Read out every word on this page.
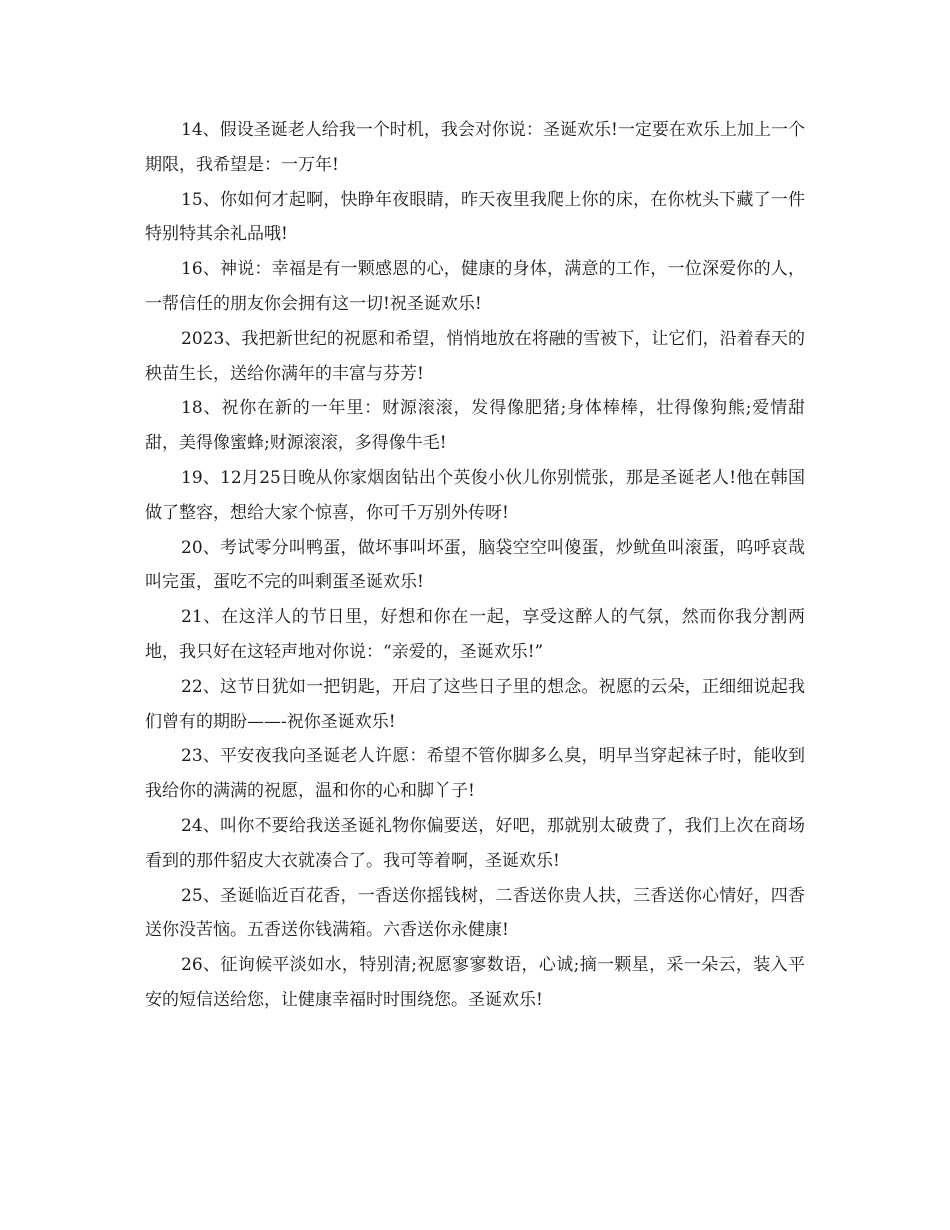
14、假设圣诞老人给我一个时机，我会对你说：圣诞欢乐!一定要在欢乐上加上一个期限，我希望是：一万年!

15、你如何才起啊，快睁年夜眼睛，昨天夜里我爬上你的床，在你枕头下藏了一件特别特其余礼品哦!

16、神说：幸福是有一颗感恩的心，健康的身体，满意的工作，一位深爱你的人，一帮信任的朋友你会拥有这一切!祝圣诞欢乐!

2023、我把新世纪的祝愿和希望，悄悄地放在将融的雪被下，让它们，沿着春天的秧苗生长，送给你满年的丰富与芬芳!

18、祝你在新的一年里：财源滚滚，发得像肥猪;身体棒棒，壮得像狗熊;爱情甜甜，美得像蜜蜂;财源滚滚，多得像牛毛!

19、12月25日晚从你家烟囱钻出个英俊小伙儿你别慌张，那是圣诞老人!他在韩国做了整容，想给大家个惊喜，你可千万别外传呀!

20、考试零分叫鸭蛋，做坏事叫坏蛋，脑袋空空叫傻蛋，炒鱿鱼叫滚蛋，呜呼哀哉叫完蛋，蛋吃不完的叫剩蛋圣诞欢乐!

21、在这洋人的节日里，好想和你在一起，享受这醉人的气氛，然而你我分割两地，我只好在这轻声地对你说：“亲爱的，圣诞欢乐!”

22、这节日犹如一把钥匙，开启了这些日子里的想念。祝愿的云朵，正细细说起我们曾有的期盼——-祝你圣诞欢乐!

23、平安夜我向圣诞老人许愿：希望不管你脚多么臭，明早当穿起袜子时，能收到我给你的满满的祝愿，温和你的心和脚丫子!

24、叫你不要给我送圣诞礼物你偏要送，好吧，那就别太破费了，我们上次在商场看到的那件貂皮大衣就凑合了。我可等着啊，圣诞欢乐!

25、圣诞临近百花香，一香送你摇钱树，二香送你贵人扶，三香送你心情好，四香送你没苦恼。五香送你钱满箱。六香送你永健康!

26、征询候平淡如水，特别清;祝愿寥寥数语，心诚;摘一颗星，采一朵云，装入平安的短信送给您，让健康幸福时时围绕您。圣诞欢乐!
